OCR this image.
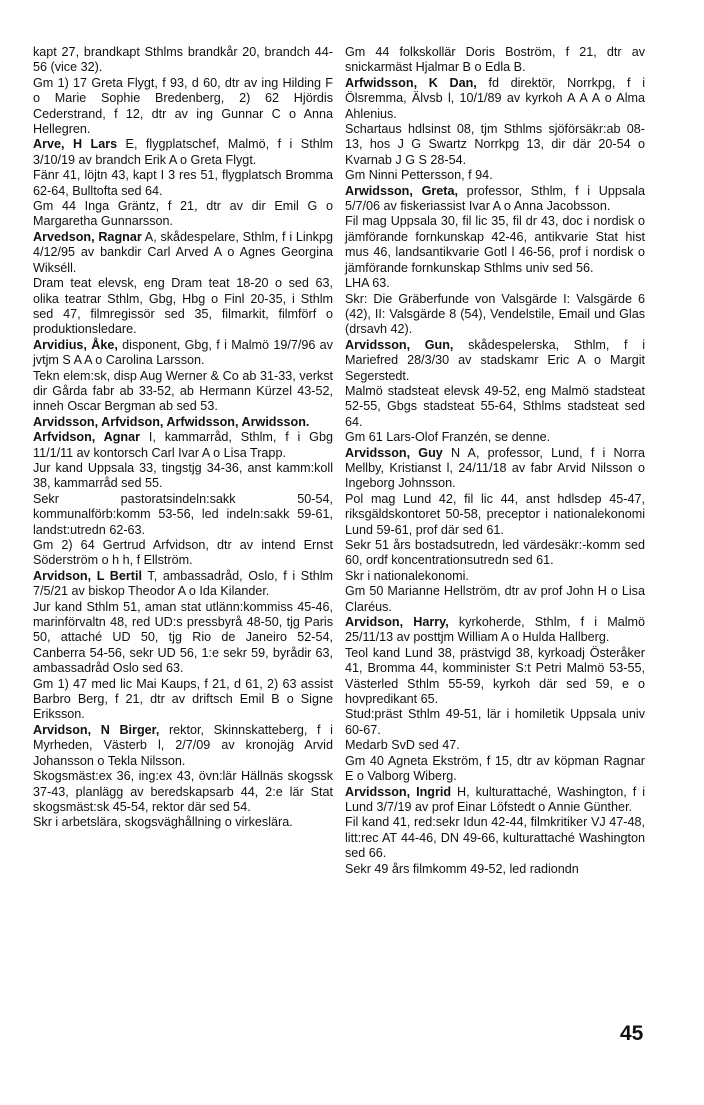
kapt 27, brandkapt Sthlms brandkår 20, brandch 44-56 (vice 32).

Gm 1) 17 Greta Flygt, f 93, d 60, dtr av ing Hilding F o Marie Sophie Bredenberg, 2) 62 Hjördis Cederstrand, f 12, dtr av ing Gunnar C o Anna Hellegren.

Arve, H Lars E, flygplatschef, Malmö, f i Sthlm 3/10/19 av brandch Erik A o Greta Flygt.

Fänr 41, löjtn 43, kapt I 3 res 51, flygplatsch Bromma 62-64, Bulltofta sed 64.

Gm 44 Inga Gräntz, f 21, dtr av dir Emil G o Margaretha Gunnarsson.

Arvedson, Ragnar A, skådespelare, Sthlm, f i Linkpg 4/12/95 av bankdir Carl Arved A o Agnes Georgina Wikséll.

Dram teat elevsk, eng Dram teat 18-20 o sed 63, olika teatrar Sthlm, Gbg, Hbg o Finl 20-35, i Sthlm sed 47, filmregissör sed 35, filmarkit, filmförf o produktionsledare.

Arvidius, Åke, disponent, Gbg, f i Malmö 19/7/96 av jvtjm S A A o Carolina Larsson.

Tekn elem:sk, disp Aug Werner & Co ab 31-33, verkst dir Gårda fabr ab 33-52, ab Hermann Kürzel 43-52, inneh Oscar Bergman ab sed 53.

Arvidsson, Arfvidson, Arfwidsson, Arwidsson.

Arfvidson, Agnar I, kammarråd, Sthlm, f i Gbg 11/1/11 av kontorsch Carl Ivar A o Lisa Trapp.

Jur kand Uppsala 33, tingstjg 34-36, anst kamm:koll 38, kammarråd sed 55.

Sekr pastoratsindeln:sakk 50-54, kommunalförb:komm 53-56, led indeln:sakk 59-61, landst:utredn 62-63.

Gm 2) 64 Gertrud Arfvidson, dtr av intend Ernst Söderström o h h, f Ellström.

Arvidson, L Bertil T, ambassadråd, Oslo, f i Sthlm 7/5/21 av biskop Theodor A o Ida Kilander.

Jur kand Sthlm 51, aman stat utlänn:kommiss 45-46, marinförvaltn 48, red UD:s pressbyrå 48-50, tjg Paris 50, attaché UD 50, tjg Rio de Janeiro 52-54, Canberra 54-56, sekr UD 56, 1:e sekr 59, byrådir 63, ambassadråd Oslo sed 63.

Gm 1) 47 med lic Mai Kaups, f 21, d 61, 2) 63 assist Barbro Berg, f 21, dtr av driftsch Emil B o Signe Eriksson.

Arvidson, N Birger, rektor, Skinnskatteberg, f i Myrheden, Västerb l, 2/7/09 av kronojäg Arvid Johansson o Tekla Nilsson.

Skogsmäst:ex 36, ing:ex 43, övn:lär Hällnäs skogssk 37-43, planlägg av beredskapsarb 44, 2:e lär Stat skogsmäst:sk 45-54, rektor där sed 54.

Skr i arbetslära, skogsväghållning o virkeslära.

Gm 44 folkskollär Doris Boström, f 21, dtr av snickarmäst Hjalmar B o Edla B.

Arfwidsson, K Dan, fd direktör, Norrkpg, f i Ölsremma, Älvsb l, 10/1/89 av kyrkoh A A A o Alma Ahlenius.

Schartaus hdlsinst 08, tjm Sthlms sjöförsäkr:ab 08-13, hos J G Swartz Norrkpg 13, dir där 20-54 o Kvarnab J G S 28-54.

Gm Ninni Pettersson, f 94.

Arwidsson, Greta, professor, Sthlm, f i Uppsala 5/7/06 av fiskeriassist Ivar A o Anna Jacobsson.

Fil mag Uppsala 30, fil lic 35, fil dr 43, doc i nordisk o jämförande fornkunskap 42-46, antikvarie Stat hist mus 46, landsantikvarie Gotl l 46-56, prof i nordisk o jämförande fornkunskap Sthlms univ sed 56.

LHA 63.

Skr: Die Gräberfunde von Valsgärde I: Valsgärde 6 (42), II: Valsgärde 8 (54), Vendelstile, Email und Glas (drsavh 42).

Arvidsson, Gun, skådespelerska, Sthlm, f i Mariefred 28/3/30 av stadskamr Eric A o Margit Segerstedt.

Malmö stadsteat elevsk 49-52, eng Malmö stadsteat 52-55, Gbgs stadsteat 55-64, Sthlms stadsteat sed 64.

Gm 61 Lars-Olof Franzén, se denne.

Arvidsson, Guy N A, professor, Lund, f i Norra Mellby, Kristianst l, 24/11/18 av fabr Arvid Nilsson o Ingeborg Johnsson.

Pol mag Lund 42, fil lic 44, anst hdlsdep 45-47, riksgäldskontoret 50-58, preceptor i nationalekonomi Lund 59-61, prof där sed 61.

Sekr 51 års bostadsutredn, led värdesäkr:-komm sed 60, ordf koncentrationsutredn sed 61.

Skr i nationalekonomi.

Gm 50 Marianne Hellström, dtr av prof John H o Lisa Claréus.

Arvidson, Harry, kyrkoherde, Sthlm, f i Malmö 25/11/13 av posttjm William A o Hulda Hallberg.

Teol kand Lund 38, prästvigd 38, kyrkoadj Österåker 41, Bromma 44, komminister S:t Petri Malmö 53-55, Västerled Sthlm 55-59, kyrkoh där sed 59, e o hovpredikant 65.

Stud:präst Sthlm 49-51, lär i homiletik Uppsala univ 60-67.

Medarb SvD sed 47.

Gm 40 Agneta Ekström, f 15, dtr av köpman Ragnar E o Valborg Wiberg.

Arvidsson, Ingrid H, kulturattaché, Washington, f i Lund 3/7/19 av prof Einar Löfstedt o Annie Günther.

Fil kand 41, red:sekr Idun 42-44, filmkritiker VJ 47-48, litt:rec AT 44-46, DN 49-66, kulturattaché Washington sed 66.

Sekr 49 års filmkomm 49-52, led radiondn

45
